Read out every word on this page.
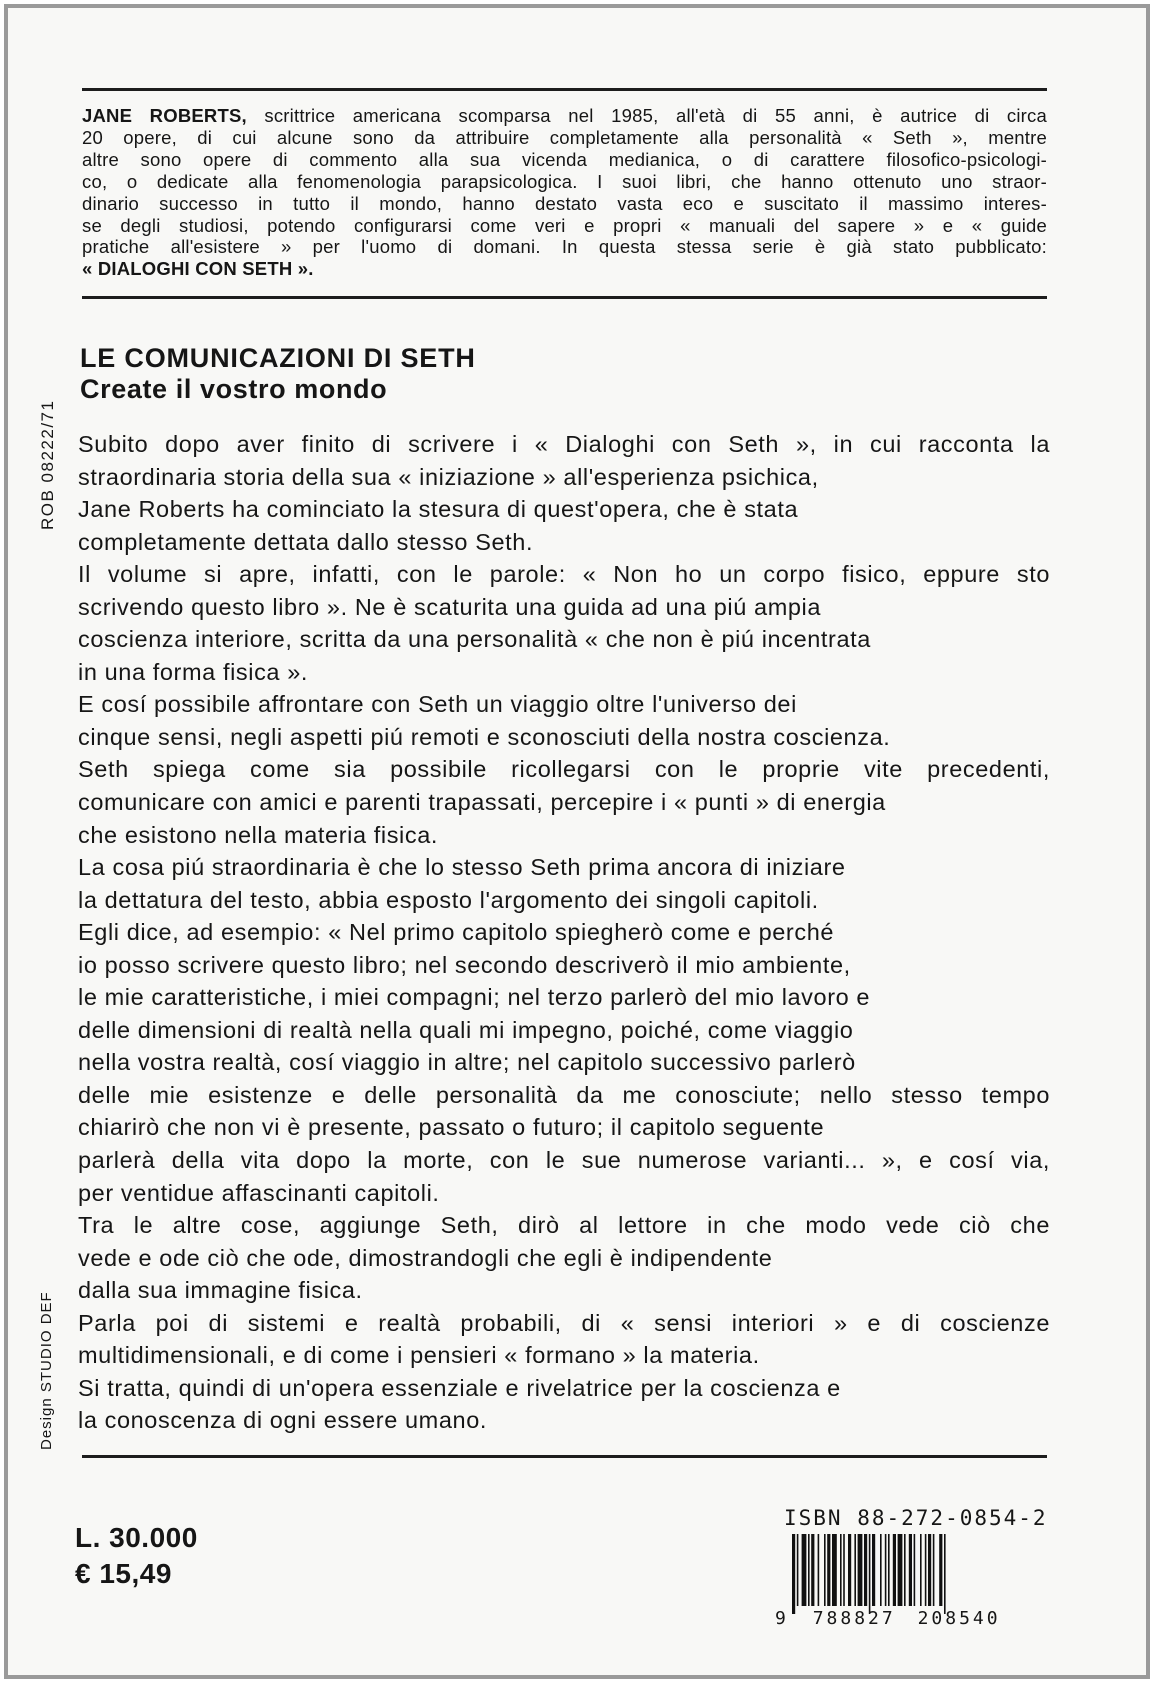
JANE ROBERTS, scrittrice americana scomparsa nel 1985, all'età di 55 anni, è autrice di circa
20 opere, di cui alcune sono da attribuire completamente alla personalità « Seth », mentre
altre sono opere di commento alla sua vicenda medianica, o di carattere filosofico-psicologi-
co, o dedicate alla fenomenologia parapsicologica. I suoi libri, che hanno ottenuto uno straor-
dinario successo in tutto il mondo, hanno destato vasta eco e suscitato il massimo interes-
se degli studiosi, potendo configurarsi come veri e propri « manuali del sapere » e « guide
pratiche all'esistere » per l'uomo di domani. In questa stessa serie è già stato pubblicato:
« DIALOGHI CON SETH ».
LE COMUNICAZIONI DI SETH
Create il vostro mondo
ROB 08222/71 Subito dopo aver finito di scrivere i « Dialoghi con Seth », in cui racconta la
straordinaria storia della sua « iniziazione » all'esperienza psichica,
Jane Roberts ha cominciato la stesura di quest'opera, che è stata
completamente dettata dallo stesso Seth.
Il volume si apre, infatti, con le parole: « Non ho un corpo fisico, eppure sto
scrivendo questo libro ». Ne è scaturita una guida ad una piú ampia
coscienza interiore, scritta da una personalità « che non è piú incentrata
in una forma fisica ».
E cosí possibile affrontare con Seth un viaggio oltre l'universo dei
cinque sensi, negli aspetti piú remoti e sconosciuti della nostra coscienza.
Seth spiega come sia possibile ricollegarsi con le proprie vite precedenti,
comunicare con amici e parenti trapassati, percepire i « punti » di energia
che esistono nella materia fisica.
La cosa piú straordinaria è che lo stesso Seth prima ancora di iniziare
la dettatura del testo, abbia esposto l'argomento dei singoli capitoli.
Egli dice, ad esempio: « Nel primo capitolo spiegherò come e perché
io posso scrivere questo libro; nel secondo descriverò il mio ambiente,
le mie caratteristiche, i miei compagni; nel terzo parlerò del mio lavoro e
delle dimensioni di realtà nella quali mi impegno, poiché, come viaggio
nella vostra realtà, cosí viaggio in altre; nel capitolo successivo parlerò
delle mie esistenze e delle personalità da me conosciute; nello stesso tempo
chiarirò che non vi è presente, passato o futuro; il capitolo seguente
parlerà della vita dopo la morte, con le sue numerose varianti... », e cosí via,
per ventidue affascinanti capitoli.
Tra le altre cose, aggiunge Seth, dirò al lettore in che modo vede ciò che
vede e ode ciò che ode, dimostrandogli che egli è indipendente
dalla sua immagine fisica.
Parla poi di sistemi e realtà probabili, di « sensi interiori » e di coscienze
multidimensionali, e di come i pensieri « formano » la materia.
Si tratta, quindi di un'opera essenziale e rivelatrice per la coscienza e
la conoscenza di ogni essere umano.
Design STUDIO DEF
L. 30.000
€ 15,49
ISBN 88-272-0854-2
9 788827 208540
